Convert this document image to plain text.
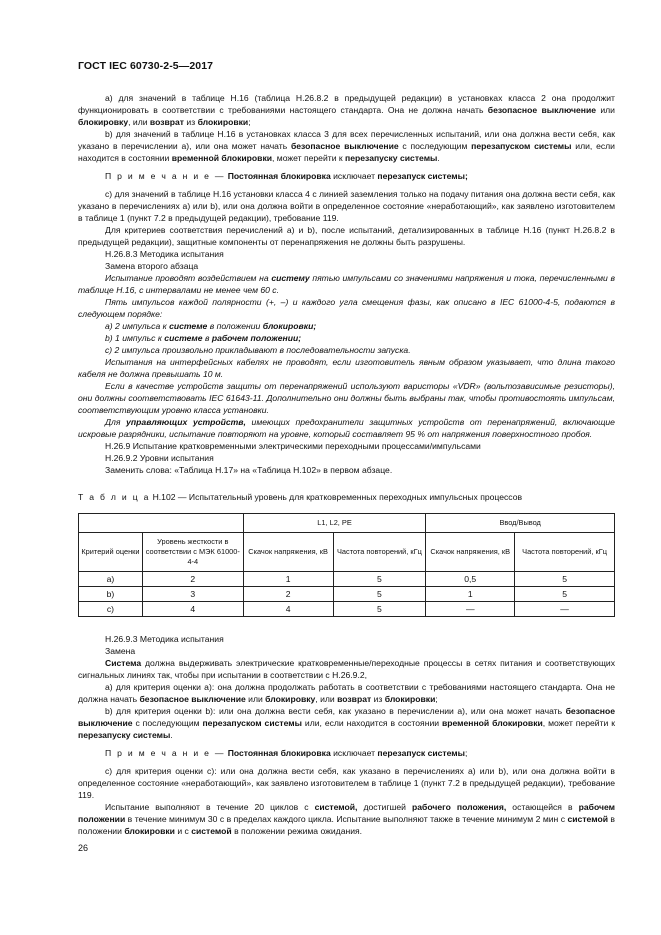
ГОСТ IEC 60730-2-5—2017

а) для значений в таблице Н.16 (таблица Н.26.8.2 в предыдущей редакции) в установках класса 2 она продолжит функционировать в соответствии с требованиями настоящего стандарта. Она не должна начать безопасное выключение или блокировку, или возврат из блокировки;

b) для значений в таблице Н.16 в установках класса 3 для всех перечисленных испытаний, или она должна вести себя, как указано в перечислении а), или она может начать безопасное выключение с последующим перезапуском системы или, если находится в состоянии временной блокировки, может перейти к перезапуску системы.

П р и м е ч а н и е — Постоянная блокировка исключает перезапуск системы;

с) для значений в таблице Н.16 установки класса 4 с линией заземления только на подачу питания она должна вести себя, как указано в перечислениях а) или b), или она должна войти в определенное состояние «неработающий», как заявлено изготовителем в таблице 1 (пункт 7.2 в предыдущей редакции), требование 119.

Для критериев соответствия перечислений а) и b), после испытаний, детализированных в таблице Н.16 (пункт Н.26.8.2 в предыдущей редакции), защитные компоненты от перенапряжения не должны быть разрушены.

Н.26.8.3 Методика испытания

Замена второго абзаца

Испытание проводят воздействием на систему пятью импульсами со значениями напряжения и тока, перечисленными в таблице Н.16, с интервалами не менее чем 60 с.

Пять импульсов каждой полярности (+, –) и каждого угла смещения фазы, как описано в IEC 61000-4-5, подаются в следующем порядке:

а) 2 импульса к системе в положении блокировки;

b) 1 импульс к системе в рабочем положении;

с) 2 импульса произвольно прикладывают в последовательности запуска.

Испытания на интерфейсных кабелях не проводят, если изготовитель явным образом указывает, что длина такого кабеля не должна превышать 10 м.

Если в качестве устройств защиты от перенапряжений используют варисторы «VDR» (вольтозависимые резисторы), они должны соответствовать IEC 61643-11. Дополнительно они должны быть выбраны так, чтобы противостоять импульсам, соответствующим уровню класса установки.

Для управляющих устройств, имеющих предохранители защитных устройств от перенапряжений, включающие искровые разрядники, испытание повторяют на уровне, который составляет 95 % от напряжения поверхностного пробоя.

Н.26.9 Испытание кратковременными электрическими переходными процессами/импульсами

Н.26.9.2 Уровни испытания

Заменить слова: «Таблица Н.17» на «Таблица Н.102» в первом абзаце.

Т а б л и ц а Н.102 — Испытательный уровень для кратковременных переходных импульсных процессов
		L1, L2, PE		Ввод/Вывод	
Критерий оценки	Уровень жесткости в соответствии с МЭК 61000-4-4	Скачок напряжения, кВ	Частота повторений, кГц	Скачок напряжения, кВ	Частота повторений, кГц
а)	2	1	5	0,5	5
b)	3	2	5	1	5
с)	4	4	5	—	—

Н.26.9.3 Методика испытания

Замена

Система должна выдерживать электрические кратковременные/переходные процессы в сетях питания и соответствующих сигнальных линиях так, чтобы при испытании в соответствии с Н.26.9.2,

а) для критерия оценки а): она должна продолжать работать в соответствии с требованиями настоящего стандарта. Она не должна начать безопасное выключение или блокировку, или возврат из блокировки;

b) для критерия оценки b): или она должна вести себя, как указано в перечислении а), или она может начать безопасное выключение с последующим перезапуском системы или, если находится в состоянии временной блокировки, может перейти к перезапуску системы.

П р и м е ч а н и е — Постоянная блокировка исключает перезапуск системы;

с) для критерия оценки с): или она должна вести себя, как указано в перечислениях а) или b), или она должна войти в определенное состояние «неработающий», как заявлено изготовителем в таблице 1 (пункт 7.2 в предыдущей редакции), требование 119.

Испытание выполняют в течение 20 циклов с системой, достигшей рабочего положения, остающейся в рабочем положении в течение минимум 30 с в пределах каждого цикла. Испытание выполняют также в течение минимум 2 мин с системой в положении блокировки и с системой в положении режима ожидания.

26
